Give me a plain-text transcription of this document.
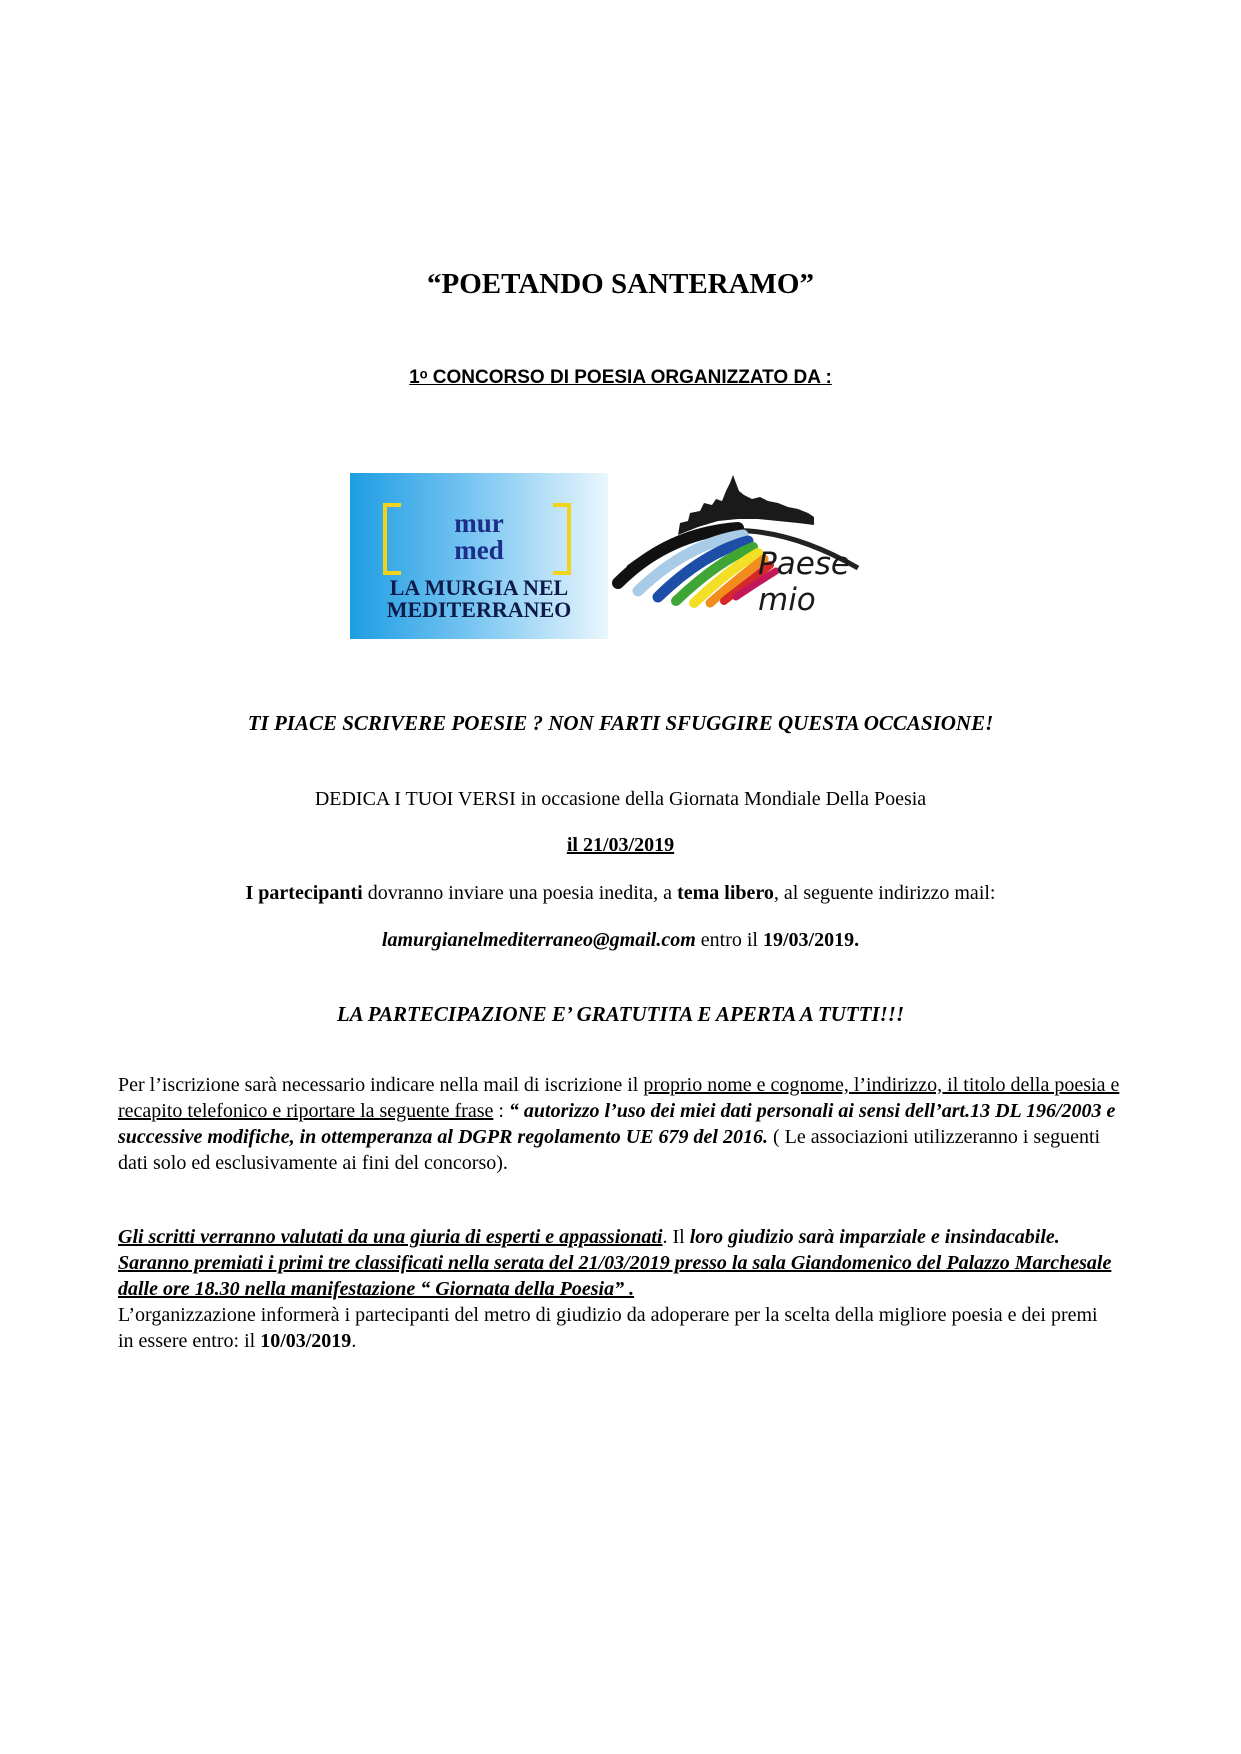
“POETANDO SANTERAMO”
1ᵒ CONCORSO DI POESIA ORGANIZZATO DA :
mur
med
LA MURGIA NEL
MEDITERRANEO
Paese mio
TI PIACE SCRIVERE POESIE ? NON FARTI SFUGGIRE QUESTA OCCASIONE!
DEDICA I TUOI VERSI in occasione della Giornata Mondiale Della Poesia
il 21/03/2019
I partecipanti dovranno inviare una poesia inedita, a tema libero, al seguente indirizzo mail:
lamurgianelmediterraneo@gmail.com entro il 19/03/2019.
LA PARTECIPAZIONE E’ GRATUTITA E APERTA A TUTTI!!!
Per l’iscrizione sarà necessario indicare nella mail di iscrizione il proprio nome e cognome, l’indirizzo, il titolo della poesia e recapito telefonico e riportare la seguente frase : “ autorizzo l’uso dei miei dati personali ai sensi dell’art.13 DL 196/2003 e successive modifiche, in ottemperanza al DGPR regolamento UE 679 del 2016. ( Le associazioni utilizzeranno i seguenti dati solo ed esclusivamente ai fini del concorso).
Gli scritti verranno valutati da una giuria di esperti e appassionati. Il loro giudizio sarà imparziale e insindacabile. Saranno premiati i primi tre classificati nella serata del 21/03/2019 presso la sala Giandomenico del Palazzo Marchesale dalle ore 18.30 nella manifestazione “ Giornata della Poesia” .
L’organizzazione informerà i partecipanti del metro di giudizio da adoperare per la scelta della migliore poesia e dei premi in essere entro: il 10/03/2019.
